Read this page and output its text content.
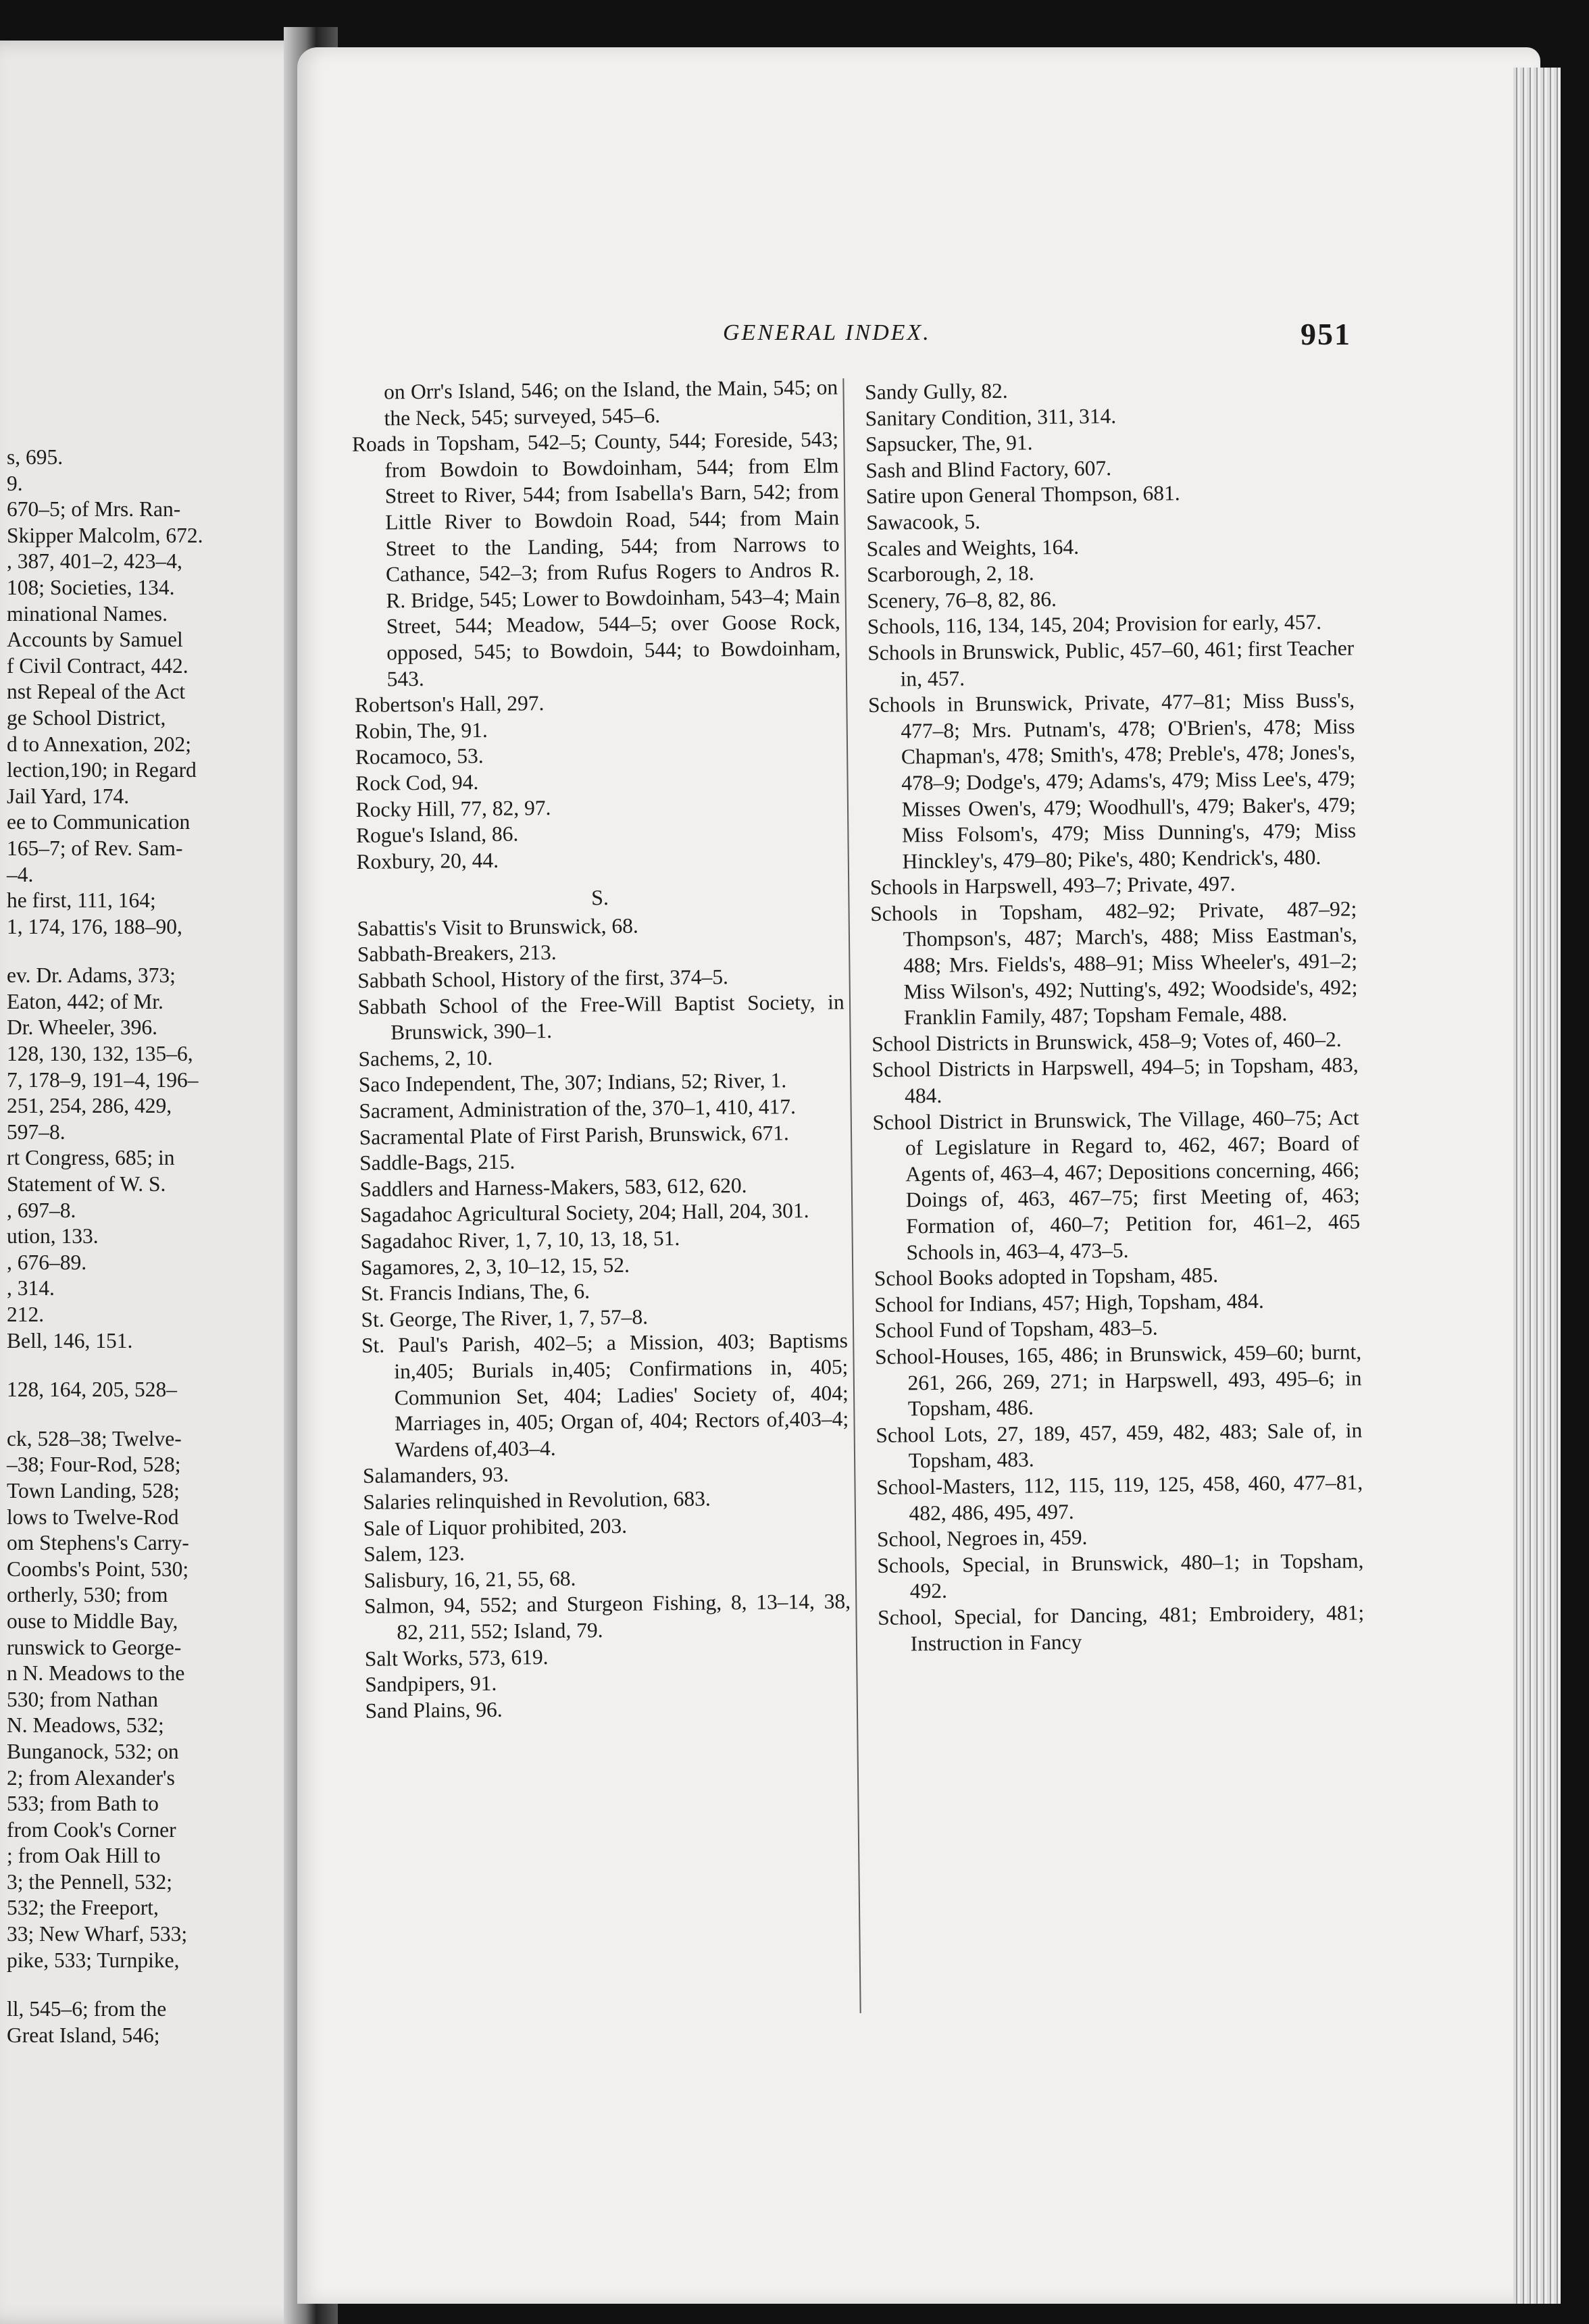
s, 695.
9.
670–5; of Mrs. Ran-
Skipper Malcolm, 672.
, 387, 401–2, 423–4,
108; Societies, 134.
minational Names.
Accounts by Samuel
f Civil Contract, 442.
nst Repeal of the Act
ge School District,
d to Annexation, 202;
lection,190; in Regard
Jail Yard, 174.
ee to Communication
165–7; of Rev. Sam-
–4.
he first, 111, 164;
1, 174, 176, 188–90,
ev. Dr. Adams, 373;
Eaton, 442; of Mr.
Dr. Wheeler, 396.
128, 130, 132, 135–6,
7, 178–9, 191–4, 196–
251, 254, 286, 429,
597–8.
rt Congress, 685; in
Statement of W. S.
, 697–8.
ution, 133.
, 676–89.
, 314.
212.
Bell, 146, 151.
128, 164, 205, 528–
ck, 528–38; Twelve-
–38; Four-Rod, 528;
Town Landing, 528;
lows to Twelve-Rod
om Stephens's Carry-
Coombs's Point, 530;
ortherly, 530; from
ouse to Middle Bay,
runswick to George-
n N. Meadows to the
530; from Nathan
N. Meadows, 532;
Bunganock, 532; on
2; from Alexander's
533; from Bath to
from Cook's Corner
; from Oak Hill to
3; the Pennell, 532;
532; the Freeport,
33; New Wharf, 533;
pike, 533; Turnpike,
ll, 545–6; from the
Great Island, 546;
GENERAL INDEX.	951
on Orr's Island, 546; on the Island, the Main, 545; on the Neck, 545; surveyed, 545–6.
Roads in Topsham, 542–5; County, 544; Foreside, 543; from Bowdoin to Bowdoinham, 544; from Elm Street to River, 544; from Isabella's Barn, 542; from Little River to Bowdoin Road, 544; from Main Street to the Landing, 544; from Narrows to Cathance, 542–3; from Rufus Rogers to Andros R. R. Bridge, 545; Lower to Bowdoinham, 543–4; Main Street, 544; Meadow, 544–5; over Goose Rock, opposed, 545; to Bowdoin, 544; to Bowdoinham, 543.
Robertson's Hall, 297.
Robin, The, 91.
Rocamoco, 53.
Rock Cod, 94.
Rocky Hill, 77, 82, 97.
Rogue's Island, 86.
Roxbury, 20, 44.
S.
Sabattis's Visit to Brunswick, 68.
Sabbath-Breakers, 213.
Sabbath School, History of the first, 374–5.
Sabbath School of the Free-Will Baptist Society, in Brunswick, 390–1.
Sachems, 2, 10.
Saco Independent, The, 307; Indians, 52; River, 1.
Sacrament, Administration of the, 370–1, 410, 417.
Sacramental Plate of First Parish, Brunswick, 671.
Saddle-Bags, 215.
Saddlers and Harness-Makers, 583, 612, 620.
Sagadahoc Agricultural Society, 204; Hall, 204, 301.
Sagadahoc River, 1, 7, 10, 13, 18, 51.
Sagamores, 2, 3, 10–12, 15, 52.
St. Francis Indians, The, 6.
St. George, The River, 1, 7, 57–8.
St. Paul's Parish, 402–5; a Mission, 403; Baptisms in,405; Burials in,405; Confirmations in, 405; Communion Set, 404; Ladies' Society of, 404; Marriages in, 405; Organ of, 404; Rectors of,403–4; Wardens of,403–4.
Salamanders, 93.
Salaries relinquished in Revolution, 683.
Sale of Liquor prohibited, 203.
Salem, 123.
Salisbury, 16, 21, 55, 68.
Salmon, 94, 552; and Sturgeon Fishing, 8, 13–14, 38, 82, 211, 552; Island, 79.
Salt Works, 573, 619.
Sandpipers, 91.
Sand Plains, 96.
Sandy Gully, 82.
Sanitary Condition, 311, 314.
Sapsucker, The, 91.
Sash and Blind Factory, 607.
Satire upon General Thompson, 681.
Sawacook, 5.
Scales and Weights, 164.
Scarborough, 2, 18.
Scenery, 76–8, 82, 86.
Schools, 116, 134, 145, 204; Provision for early, 457.
Schools in Brunswick, Public, 457–60, 461; first Teacher in, 457.
Schools in Brunswick, Private, 477–81; Miss Buss's, 477–8; Mrs. Putnam's, 478; O'Brien's, 478; Miss Chapman's, 478; Smith's, 478; Preble's, 478; Jones's, 478–9; Dodge's, 479; Adams's, 479; Miss Lee's, 479; Misses Owen's, 479; Woodhull's, 479; Baker's, 479; Miss Folsom's, 479; Miss Dunning's, 479; Miss Hinckley's, 479–80; Pike's, 480; Kendrick's, 480.
Schools in Harpswell, 493–7; Private, 497.
Schools in Topsham, 482–92; Private, 487–92; Thompson's, 487; March's, 488; Miss Eastman's, 488; Mrs. Fields's, 488–91; Miss Wheeler's, 491–2; Miss Wilson's, 492; Nutting's, 492; Woodside's, 492; Franklin Family, 487; Topsham Female, 488.
School Districts in Brunswick, 458–9; Votes of, 460–2.
School Districts in Harpswell, 494–5; in Topsham, 483, 484.
School District in Brunswick, The Village, 460–75; Act of Legislature in Regard to, 462, 467; Board of Agents of, 463–4, 467; Depositions concerning, 466; Doings of, 463, 467–75; first Meeting of, 463; Formation of, 460–7; Petition for, 461–2, 465 Schools in, 463–4, 473–5.
School Books adopted in Topsham, 485.
School for Indians, 457; High, Topsham, 484.
School Fund of Topsham, 483–5.
School-Houses, 165, 486; in Brunswick, 459–60; burnt, 261, 266, 269, 271; in Harpswell, 493, 495–6; in Topsham, 486.
School Lots, 27, 189, 457, 459, 482, 483; Sale of, in Topsham, 483.
School-Masters, 112, 115, 119, 125, 458, 460, 477–81, 482, 486, 495, 497.
School, Negroes in, 459.
Schools, Special, in Brunswick, 480–1; in Topsham, 492.
School, Special, for Dancing, 481; Embroidery, 481; Instruction in Fancy
